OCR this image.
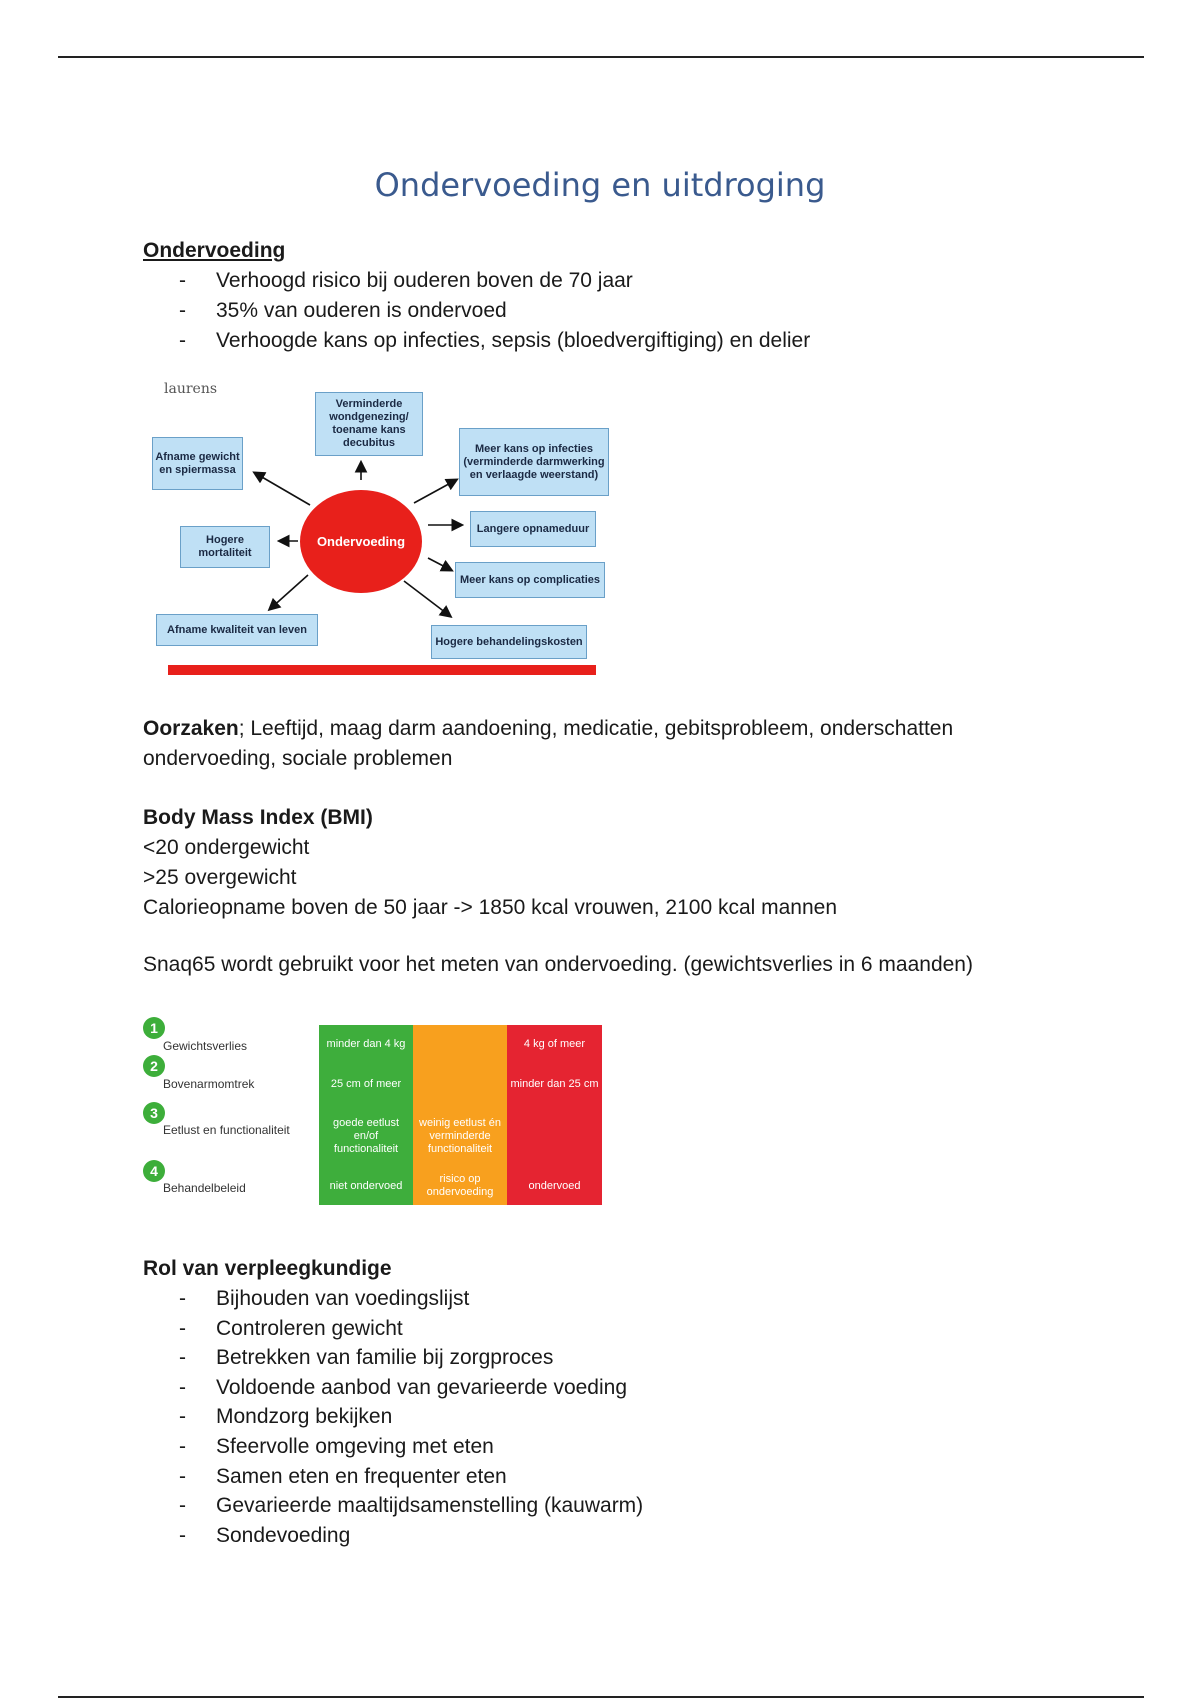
Ondervoeding en uitdroging
Ondervoeding
- Verhoogd risico bij ouderen boven de 70 jaar
- 35% van ouderen is ondervoed
- Verhoogde kans op infecties, sepsis (bloedvergiftiging) en delier
laurens
Ondervoeding
Verminderde wondgenezing/ toename kans decubitus
Afname gewicht en spiermassa
Meer kans op infecties (verminderde darmwerking en verlaagde weerstand)
Hogere mortaliteit
Langere opnameduur
Meer kans op complicaties
Afname kwaliteit van leven
Hogere behandelingskosten
Oorzaken; Leeftijd, maag darm aandoening, medicatie, gebitsprobleem, onderschatten ondervoeding, sociale problemen
Body Mass Index (BMI)
<20 ondergewicht
>25 overgewicht
Calorieopname boven de 50 jaar -> 1850 kcal vrouwen, 2100 kcal mannen
Snaq65 wordt gebruikt voor het meten van ondervoeding. (gewichtsverlies in 6 maanden)
1
Gewichtsverlies
2
Bovenarmomtrek
3
Eetlust en functionaliteit
4
Behandelbeleid
minder dan 4 kg	4 kg of meer
25 cm of meer	minder dan 25 cm
goede eetlust en/of functionaliteit
weinig eetlust én verminderde functionaliteit
niet ondervoed
risico op ondervoeding
ondervoed
Rol van verpleegkundige
- Bijhouden van voedingslijst
- Controleren gewicht
- Betrekken van familie bij zorgproces
- Voldoende aanbod van gevarieerde voeding
- Mondzorg bekijken
- Sfeervolle omgeving met eten
- Samen eten en frequenter eten
- Gevarieerde maaltijdsamenstelling (kauwarm)
- Sondevoeding
